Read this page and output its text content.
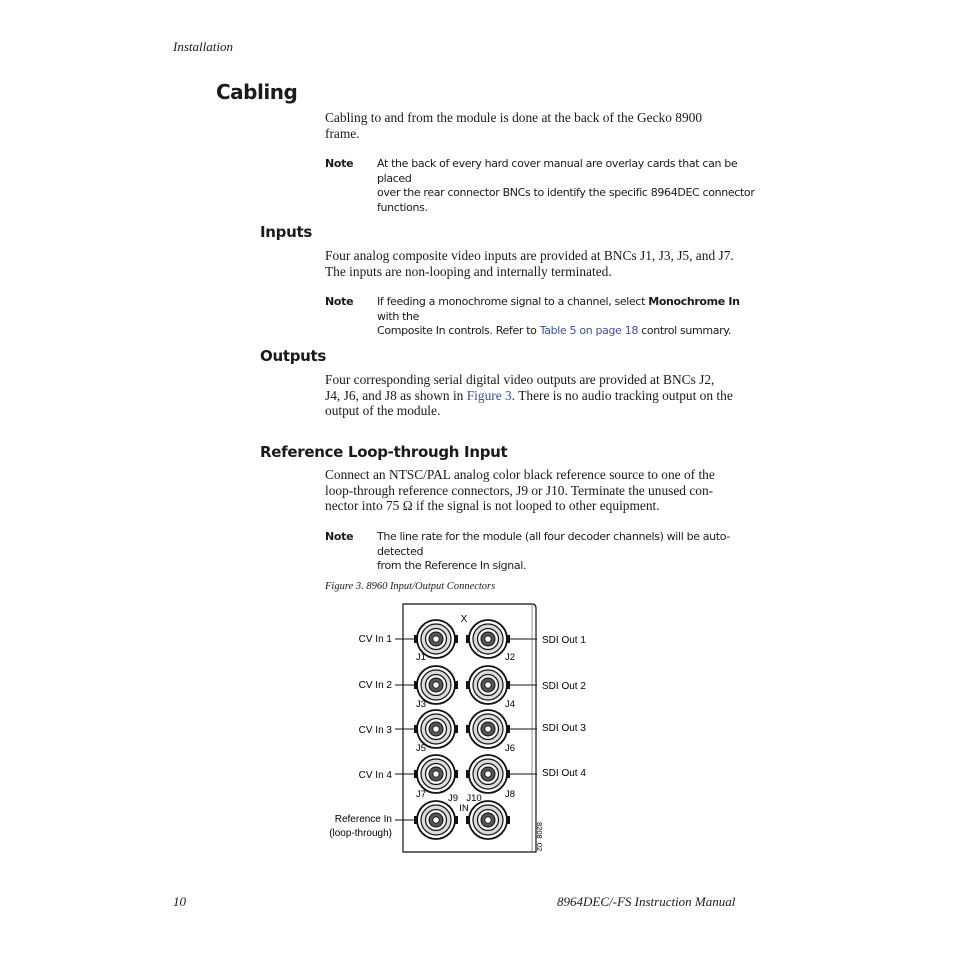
Installation
Cabling
Cabling to and from the module is done at the back of the Gecko 8900
frame.
Note At the back of every hard cover manual are overlay cards that can be placed
over the rear connector BNCs to identify the specific 8964DEC connector
functions.
Inputs
Four analog composite video inputs are provided at BNCs J1, J3, J5, and J7.
The inputs are non-looping and internally terminated.
Note If feeding a monochrome signal to a channel, select Monochrome In with the
Composite In controls. Refer to Table 5 on page 18 control summary.
Outputs
Four corresponding serial digital video outputs are provided at BNCs J2,
J4, J6, and J8 as shown in Figure 3. There is no audio tracking output on the
output of the module.
Reference Loop-through Input
Connect an NTSC/PAL analog color black reference source to one of the
loop-through reference connectors, J9 or J10. Terminate the unused con-
nector into 75 Ω if the signal is not looped to other equipment.
Note The line rate for the module (all four decoder channels) will be auto-detected
from the Reference In signal.
Figure 3. 8960 Input/Output Connectors
X
J1	J2
J3	J4
J5	J6
J7	J8
J9 J10
IN
CV In 1
CV In 2
CV In 3
CV In 4
Reference In
(loop-through)
SDI Out 1
SDI Out 2
SDI Out 3
SDI Out 4
8208_02
10	8964DEC/-FS Instruction Manual
